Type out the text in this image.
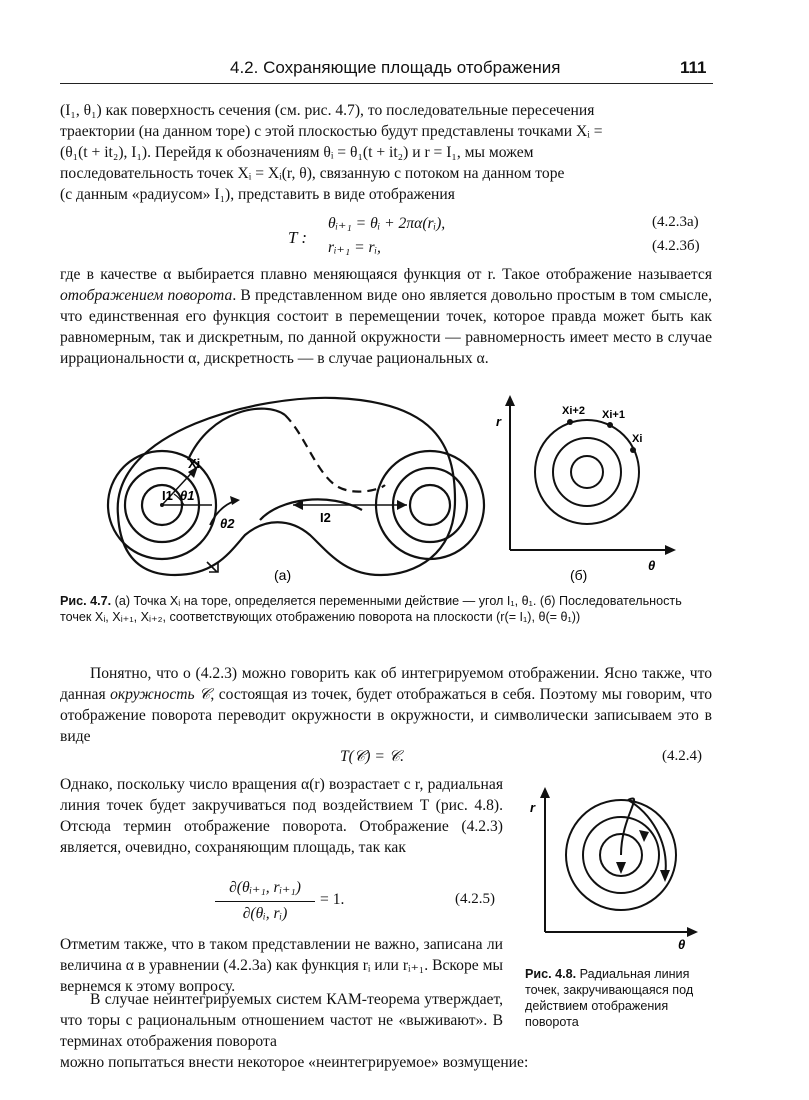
4.2. Сохраняющие площадь отображения	111
(I₁, θ₁) как поверхность сечения (см. рис. 4.7), то последовательные пересечения
траектории (на данном торе) с этой плоскостью будут представлены точками Xᵢ =
(θ₁(t + it₂), I₁). Перейдя к обозначениям θᵢ = θ₁(t + it₂) и r = I₁, мы можем
последовательность точек Xᵢ = Xᵢ(r, θ), связанную с потоком на данном торе
(с данным «радиусом» I₁), представить в виде отображения
T :
θᵢ₊₁ = θᵢ + 2πα(rᵢ),	(4.2.3а)
rᵢ₊₁ = rᵢ,	(4.2.3б)

где в качестве α выбирается плавно меняющаяся функция от r. Такое отображение называется отображением поворота. В представленном виде оно является довольно простым в том смысле, что единственная его функция состоит в перемещении точек, которое правда может быть как равномерным, так и дискретным, по данной окружности — равномерность имеет место в случае иррациональности α, дискретность — в случае рациональных α.

Xi
I1 θ1
θ2	I2
(а)
r
θ
Xi+2 Xi+1
Xi
(б)
Рис. 4.7. (а) Точка Xᵢ на торе, определяется переменными действие — угол I₁, θ₁. (б) Последовательность точек Xᵢ, Xᵢ₊₁, Xᵢ₊₂, соответствующих отображению поворота на плоскости (r(= I₁), θ(= θ₁))

Понятно, что о (4.2.3) можно говорить как об интегрируемом отображении. Ясно также, что данная окружность 𝒞, состоящая из точек, будет отображаться в себя. Поэтому мы говорим, что отображение поворота переводит окружности в окружности, и символически записываем это в виде

T(𝒞) = 𝒞.	(4.2.4)

Однако, поскольку число вращения α(r) возрастает с r, радиальная линия точек будет закручиваться под воздействием T (рис. 4.8). Отсюда термин отображение поворота. Отображение (4.2.3) является, очевидно, сохраняющим площадь, так как

∂(θᵢ₊₁, rᵢ₊₁)
∂(θᵢ, rᵢ)
= 1.	(4.2.5)

Отметим также, что в таком представлении не важно, записана ли величина α в уравнении (4.2.3а) как функция rᵢ или rᵢ₊₁. Вскоре мы вернемся к этому вопросу.

В случае неинтегрируемых систем КАМ-теорема утверждает, что торы с рациональным отношением частот не «выживают». В терминах отображения поворота

можно попытаться внести некоторое «неинтегрируемое» возмущение:
r
θ
Рис. 4.8. Радиальная линия точек, закручивающаяся под действием отображения поворота
